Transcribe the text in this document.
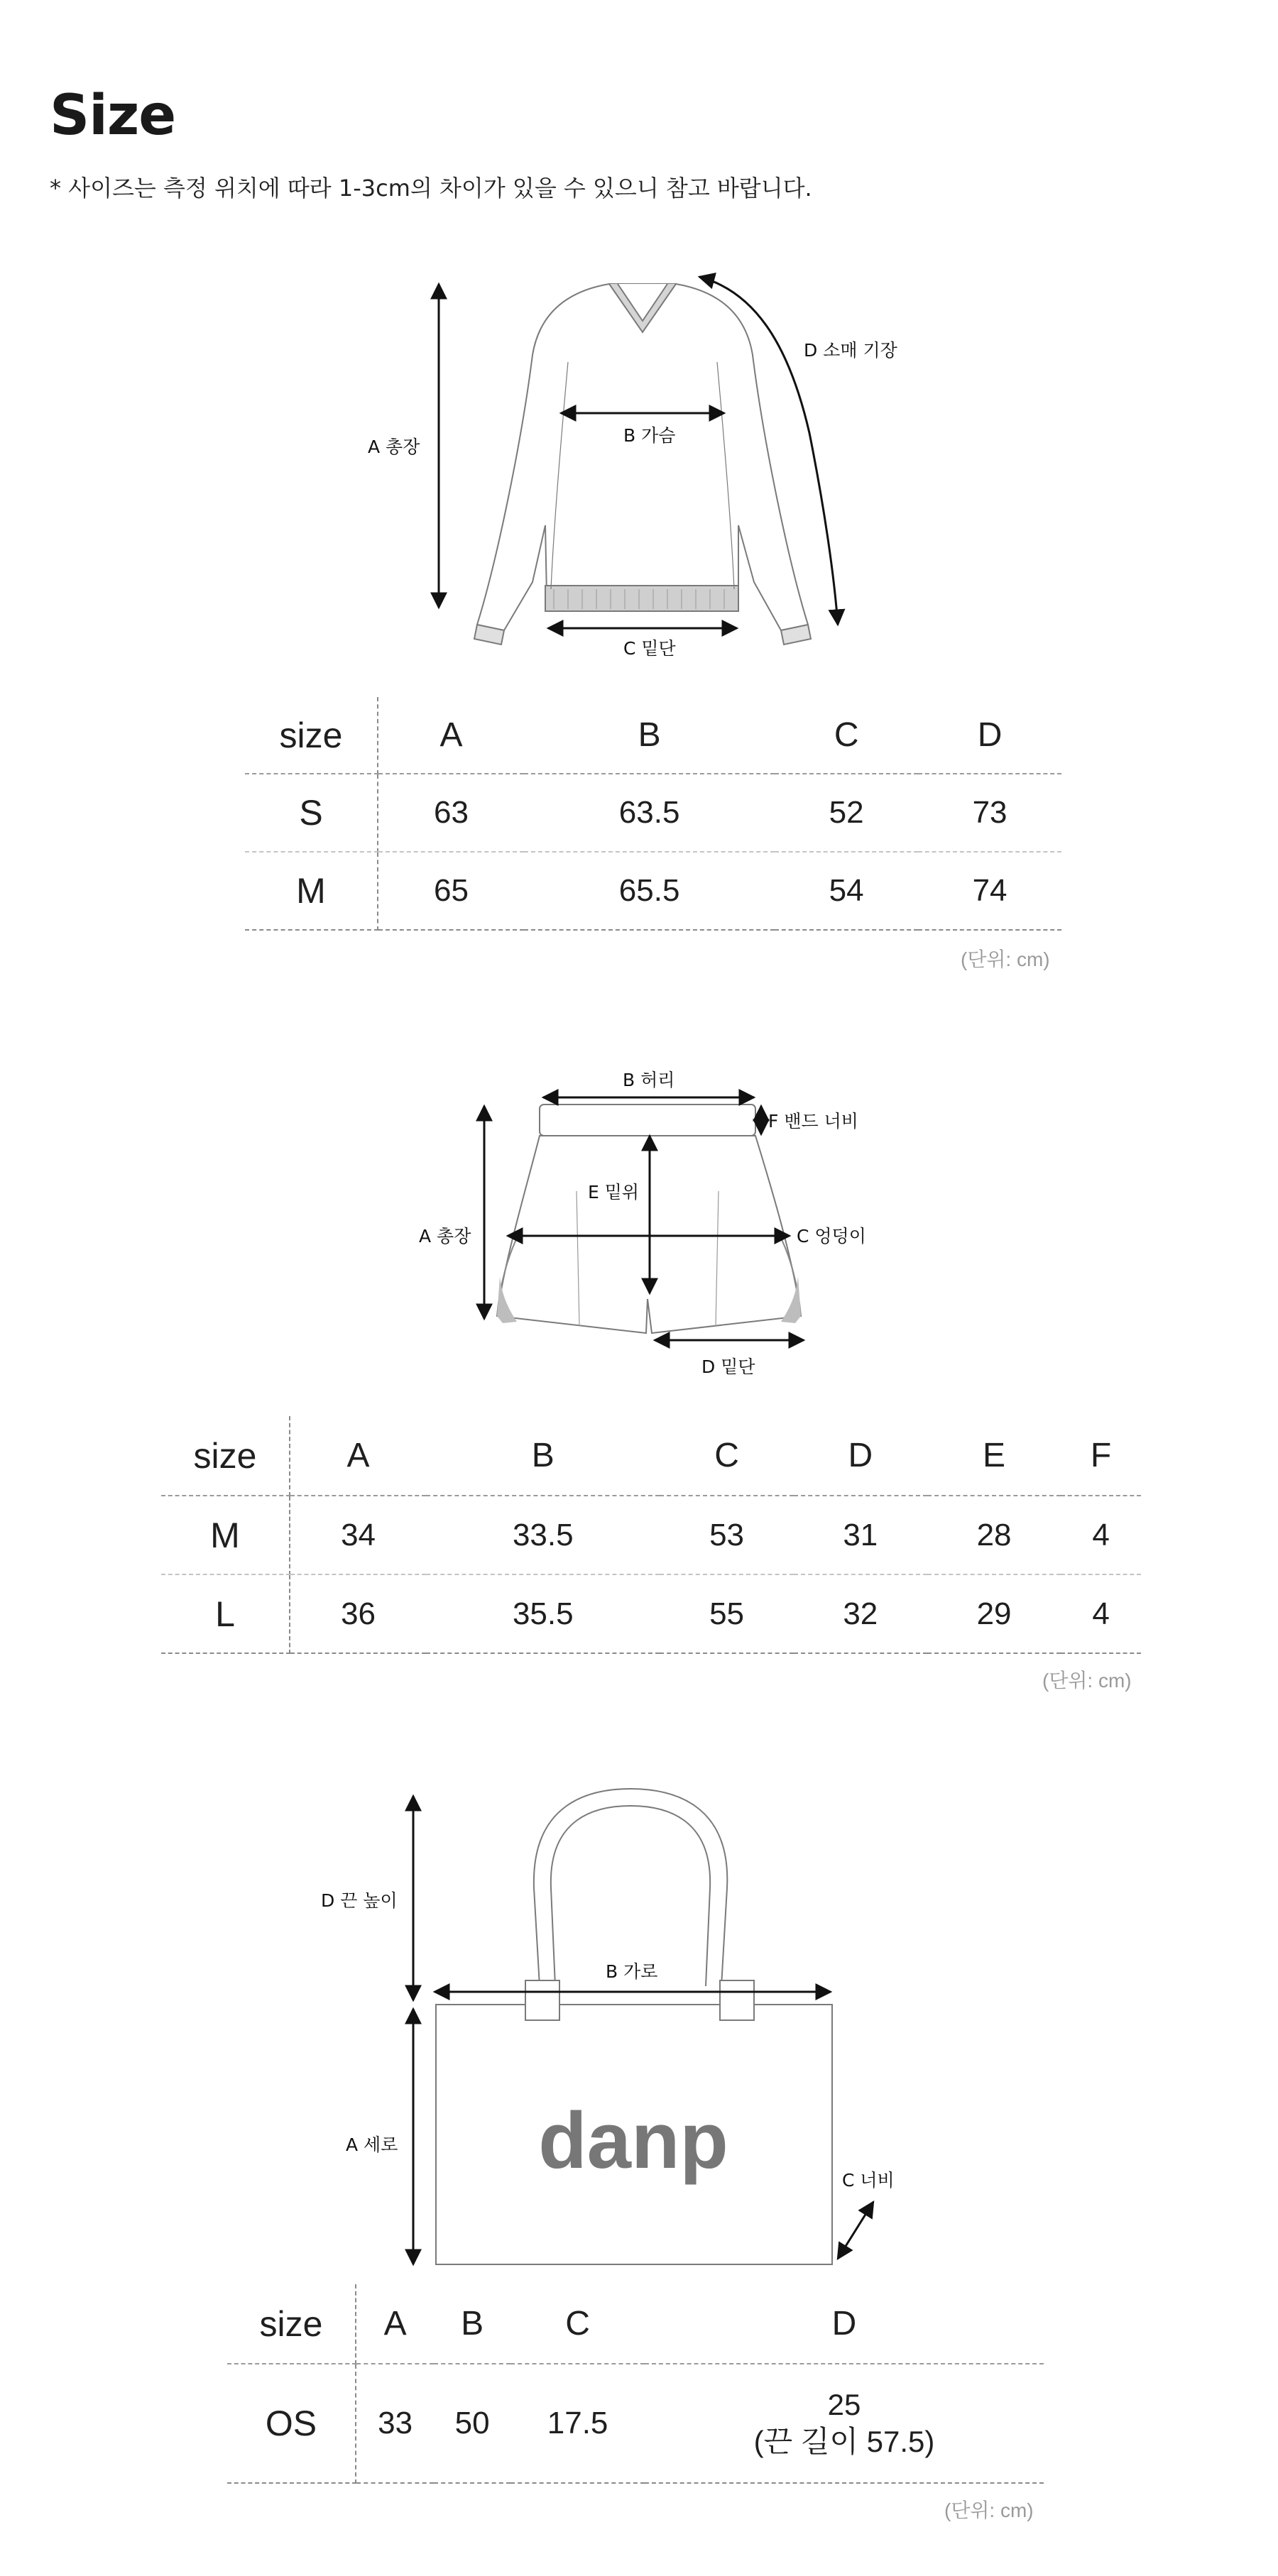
Size
* 사이즈는 측정 위치에 따라 1-3cm의 차이가 있을 수 있으니 참고 바랍니다.
A 총장
B 가슴
C 밑단
D 소매 기장
size	A	B	C	D
S	63	63.5	52	73
M	65	65.5	54	74
(단위: cm)
A 총장
B 허리
C 엉덩이
D 밑단
E 밑위
F 밴드 너비
size	A	B	C	D	E	F
M	34	33.5	53	31	28	4
L	36	35.5	55	32	29	4
(단위: cm)
danp
D 끈 높이
A 세로
B 가로
C 너비
size	A	B	C	D
OS	33	50	17.5	25
(끈 길이 57.5)
(단위: cm)
